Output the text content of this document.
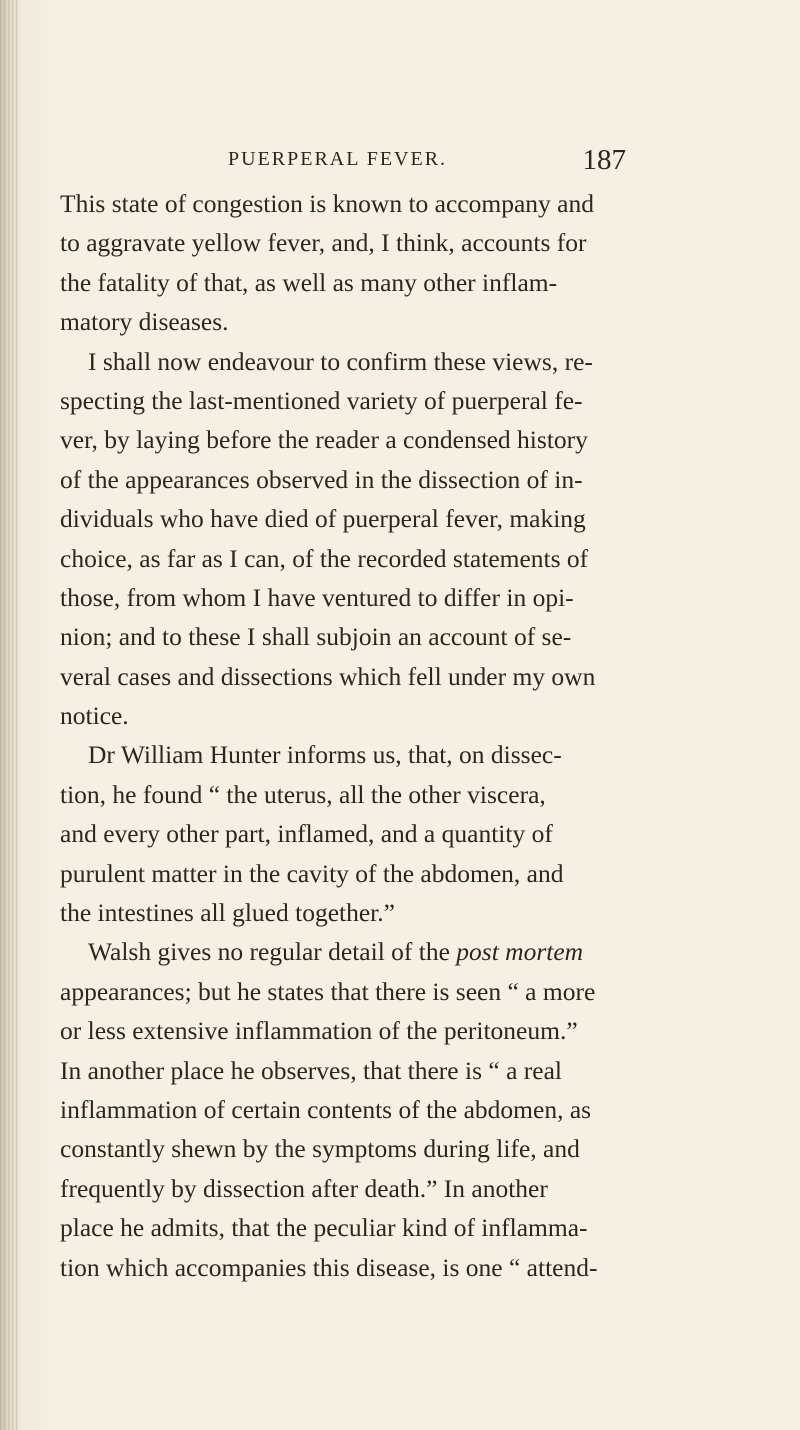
PUERPERAL FEVER.	187
This state of congestion is known to accompany and
to aggravate yellow fever, and, I think, accounts for
the fatality of that, as well as many other inflam-
matory diseases.
I shall now endeavour to confirm these views, re-
specting the last-mentioned variety of puerperal fe-
ver, by laying before the reader a condensed history
of the appearances observed in the dissection of in-
dividuals who have died of puerperal fever, making
choice, as far as I can, of the recorded statements of
those, from whom I have ventured to differ in opi-
nion; and to these I shall subjoin an account of se-
veral cases and dissections which fell under my own
notice.
Dr William Hunter informs us, that, on dissec-
tion, he found “ the uterus, all the other viscera,
and every other part, inflamed, and a quantity of
purulent matter in the cavity of the abdomen, and
the intestines all glued together.”
Walsh gives no regular detail of the post mortem
appearances; but he states that there is seen “ a more
or less extensive inflammation of the peritoneum.”
In another place he observes, that there is “ a real
inflammation of certain contents of the abdomen, as
constantly shewn by the symptoms during life, and
frequently by dissection after death.” In another
place he admits, that the peculiar kind of inflamma-
tion which accompanies this disease, is one “ attend-
